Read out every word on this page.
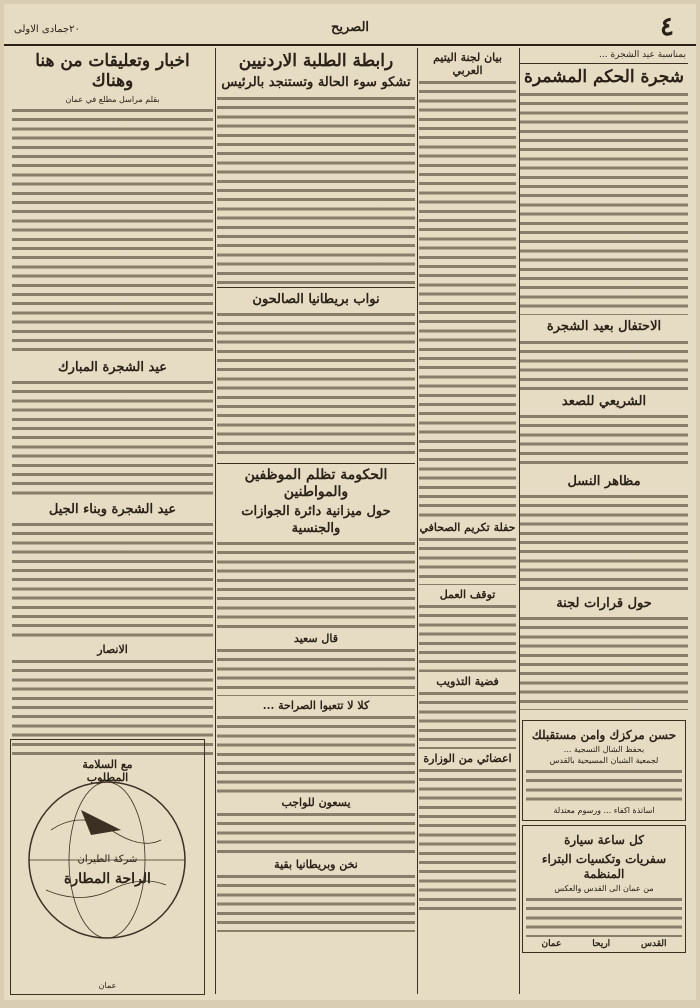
٤
الصريح
٢٠جمادى الاولى
بمناسبة عيد الشجرة ...
شجرة الحكم المشمرة
الاحتفال بعيد الشجرة
الشريعي للصعد
مظاهر النسل
حول قرارات لجنة
بيان لجنة اليتيم العربي
حفلة تكريم الصحافي
توقف العمل
فضية التذويب
اعضائي من الوزارة
رابطة الطلبة الاردنيين
تشكو سوء الحالة وتستنجد بالرئيس
نواب بريطانيا الصالحون
الحكومة تظلم الموظفين والمواطنين
حول ميزانية دائرة الجوازات والجنسية
قال سعيد
كلا لا تتعبوا الصراحة ...
يسعون للواجب
نخن وبريطانيا بقية
اخبار وتعليقات من هنا وهناك
بقلم مراسل مطلع في عمان
عيد الشجرة المبارك
عيد الشجرة وبناء الجيل
الانصار
حسن مركزك وامن مستقبلك
بحفظ الشال التسجية ...
لجمعية الشبان المسيحية بالقدس
اساتذة اكفاء ... ورسوم معتدلة
كل ساعة سيارة
سفريات وتكسيات البتراء المنظمة
من عمان الى القدس والعكس
القدس
اريحا
عمان
مع السلامة
المطلوب
شركة الطيران
الراحة المطارة
عمان
